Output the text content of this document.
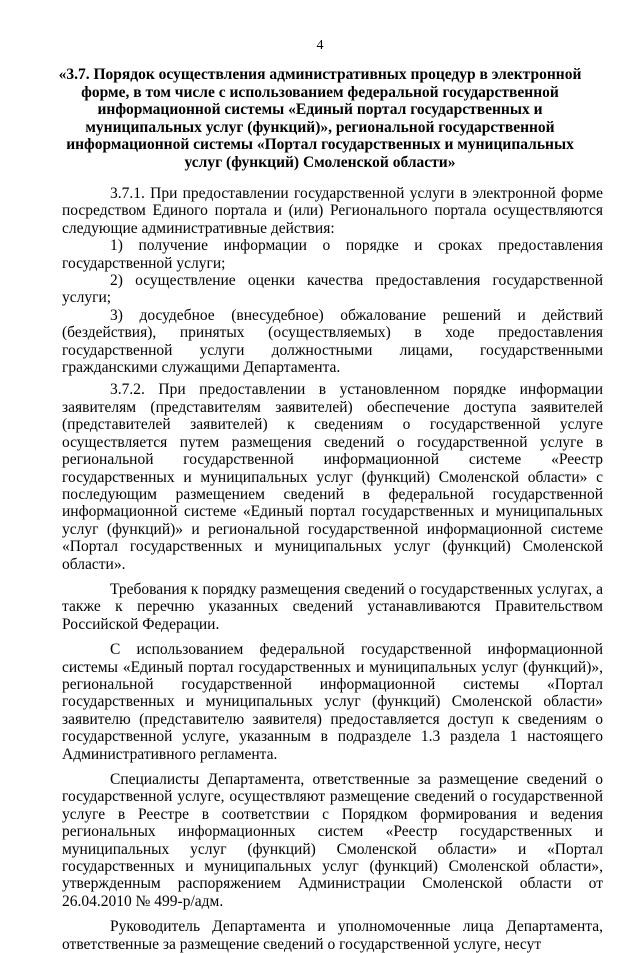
4
«3.7. Порядок осуществления административных процедур в электронной форме, в том числе с использованием федеральной государственной информационной системы «Единый портал государственных и муниципальных услуг (функций)», региональной государственной информационной системы «Портал государственных и муниципальных услуг (функций) Смоленской области»

3.7.1. При предоставлении государственной услуги в электронной форме посредством Единого портала и (или) Регионального портала осуществляются следующие административные действия:

1) получение информации о порядке и сроках предоставления государственной услуги;

2) осуществление оценки качества предоставления государственной услуги;

3) досудебное (внесудебное) обжалование решений и действий (бездействия), принятых (осуществляемых) в ходе предоставления государственной услуги должностными лицами, государственными гражданскими служащими Департамента.

3.7.2. При предоставлении в установленном порядке информации заявителям (представителям заявителей) обеспечение доступа заявителей (представителей заявителей) к сведениям о государственной услуге осуществляется путем размещения сведений о государственной услуге в региональной государственной информационной системе «Реестр государственных и муниципальных услуг (функций) Смоленской области» с последующим размещением сведений в федеральной государственной информационной системе «Единый портал государственных и муниципальных услуг (функций)» и региональной государственной информационной системе «Портал государственных и муниципальных услуг (функций) Смоленской области».

Требования к порядку размещения сведений о государственных услугах, а также к перечню указанных сведений устанавливаются Правительством Российской Федерации.

С использованием федеральной государственной информационной системы «Единый портал государственных и муниципальных услуг (функций)», региональной государственной информационной системы «Портал государственных и муниципальных услуг (функций) Смоленской области» заявителю (представителю заявителя) предоставляется доступ к сведениям о государственной услуге, указанным в подразделе 1.3 раздела 1 настоящего Административного регламента.

Специалисты Департамента, ответственные за размещение сведений о государственной услуге, осуществляют размещение сведений о государственной услуге в Реестре в соответствии с Порядком формирования и ведения региональных информационных систем «Реестр государственных и муниципальных услуг (функций) Смоленской области» и «Портал государственных и муниципальных услуг (функций) Смоленской области», утвержденным распоряжением Администрации Смоленской области от 26.04.2010 № 499-р/адм.

Руководитель Департамента и уполномоченные лица Департамента, ответственные за размещение сведений о государственной услуге, несут
